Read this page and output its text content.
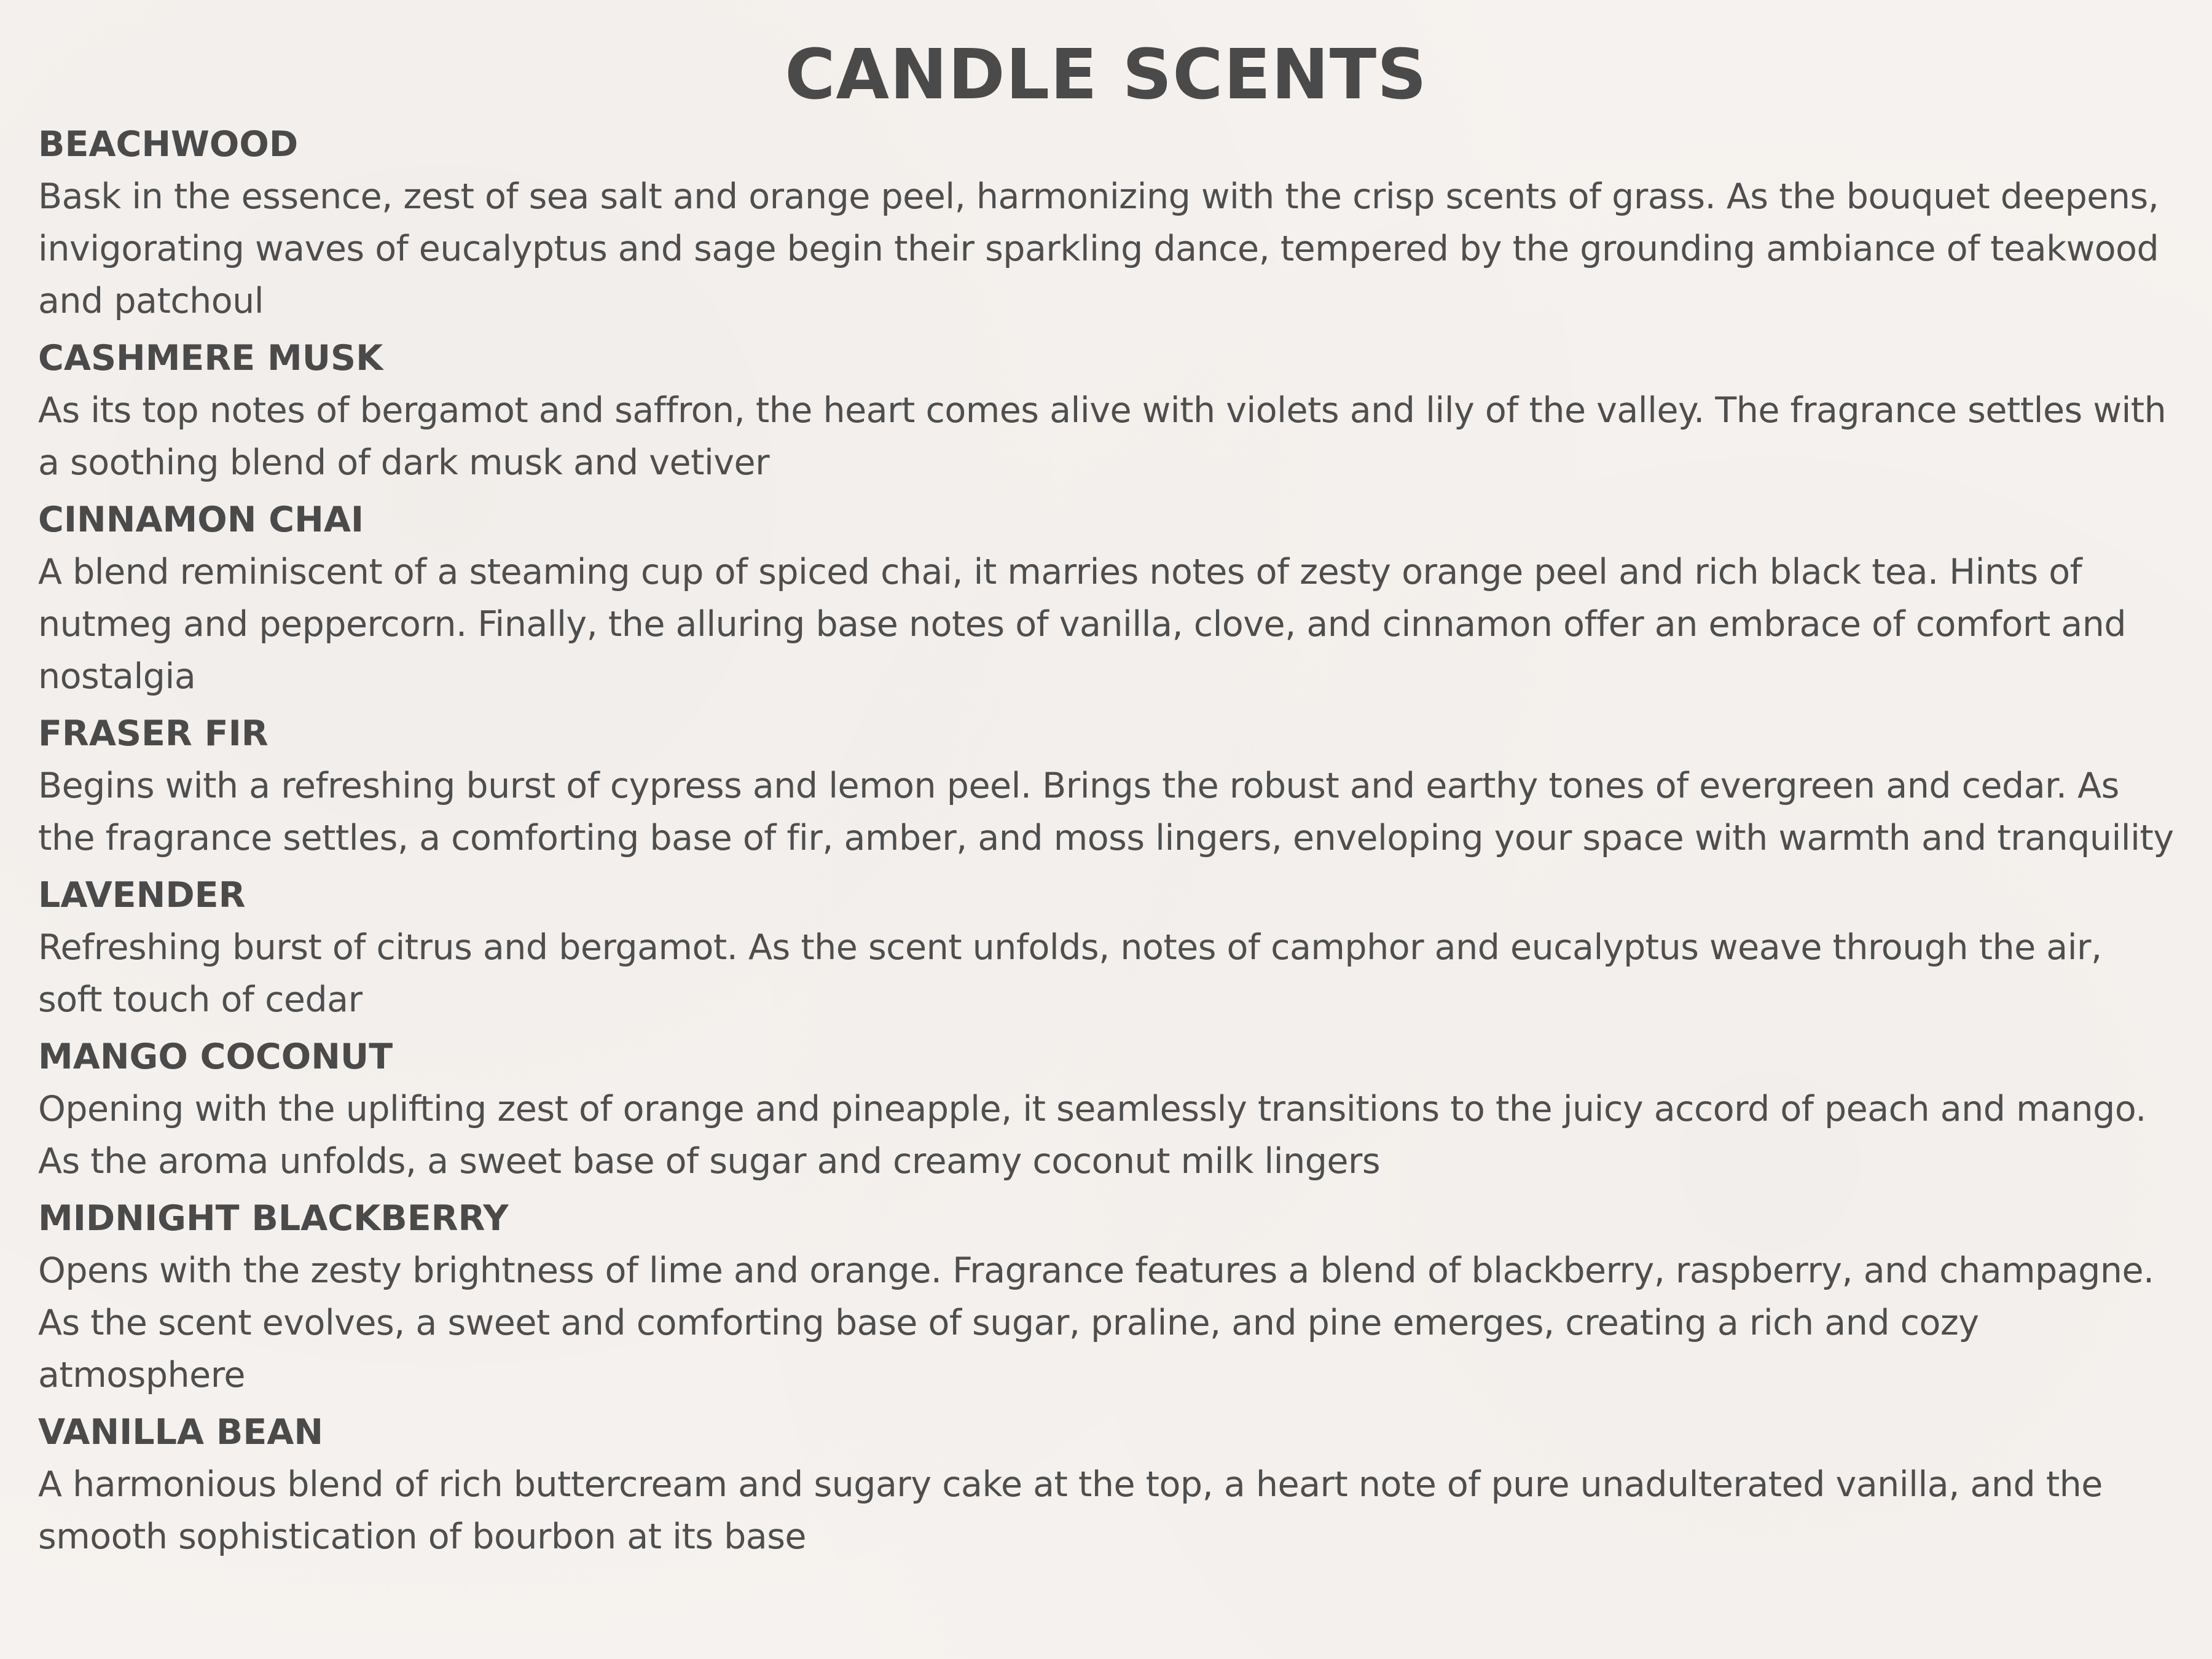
CANDLE SCENTS

BEACHWOOD

Bask in the essence, zest of sea salt and orange peel, harmonizing with the crisp scents of grass. As the bouquet deepens, invigorating waves of eucalyptus and sage begin their sparkling dance, tempered by the grounding ambiance of teakwood and patchoul

CASHMERE MUSK

As its top notes of bergamot and saffron, the heart comes alive with violets and lily of the valley. The fragrance settles with a soothing blend of dark musk and vetiver

CINNAMON CHAI

A blend reminiscent of a steaming cup of spiced chai, it marries notes of zesty orange peel and rich black tea. Hints of nutmeg and peppercorn. Finally, the alluring base notes of vanilla, clove, and cinnamon offer an embrace of comfort and nostalgia

FRASER FIR

Begins with a refreshing burst of cypress and lemon peel. Brings the robust and earthy tones of evergreen and cedar. As the fragrance settles, a comforting base of fir, amber, and moss lingers, enveloping your space with warmth and tranquility

LAVENDER

Refreshing burst of citrus and bergamot. As the scent unfolds, notes of camphor and eucalyptus weave through the air, soft touch of cedar

MANGO COCONUT

Opening with the uplifting zest of orange and pineapple, it seamlessly transitions to the juicy accord of peach and mango. As the aroma unfolds, a sweet base of sugar and creamy coconut milk lingers

MIDNIGHT BLACKBERRY

Opens with the zesty brightness of lime and orange. Fragrance features a blend of blackberry, raspberry, and champagne. As the scent evolves, a sweet and comforting base of sugar, praline, and pine emerges, creating a rich and cozy atmosphere

VANILLA BEAN

A harmonious blend of rich buttercream and sugary cake at the top, a heart note of pure unadulterated vanilla, and the smooth sophistication of bourbon at its base
